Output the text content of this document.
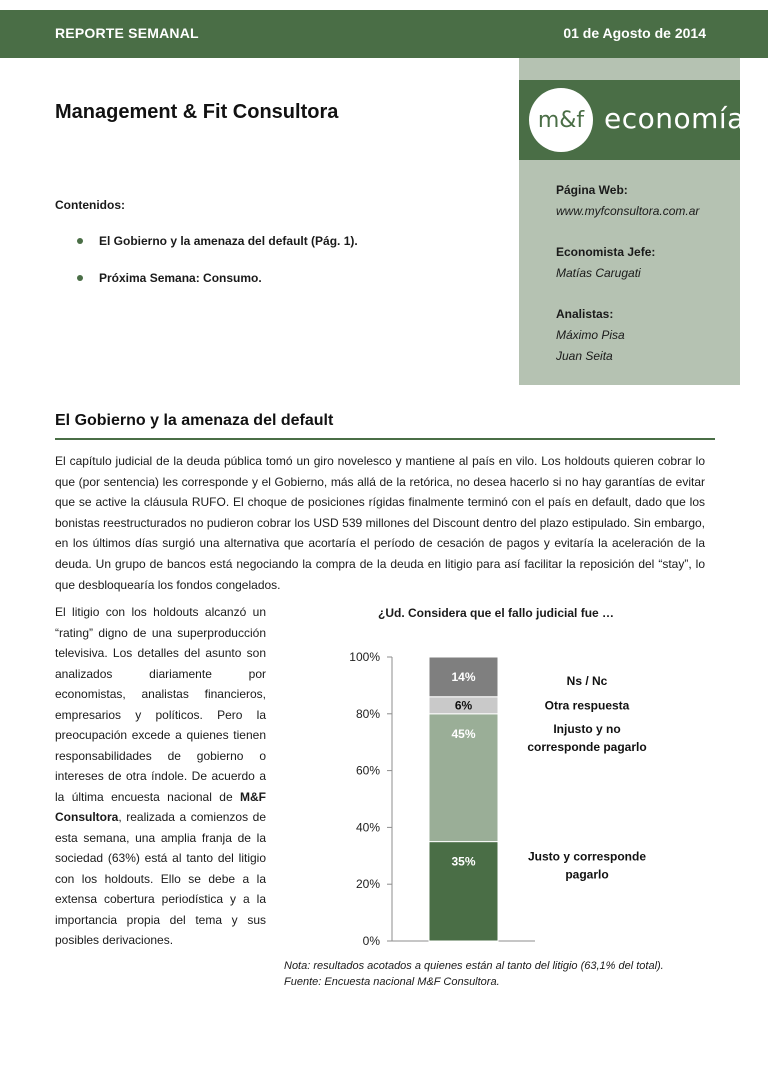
REPORTE SEMANAL	01 de Agosto de 2014
Management & Fit Consultora	m&f economía
Página Web:
www.myfconsultora.com.ar
Economista Jefe:
Matías Carugati
Analistas:
Máximo Pisa
Juan Seita
Contenidos:
El Gobierno y la amenaza del default (Pág. 1).
Próxima Semana: Consumo.
El Gobierno y la amenaza del default
El capítulo judicial de la deuda pública tomó un giro novelesco y mantiene al país en vilo. Los holdouts quieren cobrar lo que (por sentencia) les corresponde y el Gobierno, más allá de la retórica, no desea hacerlo si no hay garantías de evitar que se active la cláusula RUFO. El choque de posiciones rígidas finalmente terminó con el país en default, dado que los bonistas reestructurados no pudieron cobrar los USD 539 millones del Discount dentro del plazo estipulado. Sin embargo, en los últimos días surgió una alternativa que acortaría el período de cesación de pagos y evitaría la aceleración de la deuda. Un grupo de bancos está negociando la compra de la deuda en litigio para así facilitar la reposición del “stay”, lo que desbloquearía los fondos congelados.
El litigio con los holdouts alcanzó un “rating” digno de una superproducción televisiva. Los detalles del asunto son analizados diariamente por economistas, analistas financieros, empresarios y políticos. Pero la preocupación excede a quienes tienen responsabilidades de gobierno o intereses de otra índole. De acuerdo a la última encuesta nacional de M&F Consultora, realizada a comienzos de esta semana, una amplia franja de la sociedad (63%) está al tanto del litigio con los holdouts. Ello se debe a la extensa cobertura periodística y a la importancia propia del tema y sus posibles derivaciones.
¿Ud. Considera que el fallo judicial fue …
0%
20%
40%
60%
80%
100%
35%	Justo y corresponde
pagarlo
45%	Injusto y no
corresponde pagarlo
6%	Otra respuesta
14%	Ns / Nc
Nota: resultados acotados a quienes están al tanto del litigio (63,1% del total).
Fuente: Encuesta nacional M&F Consultora.
